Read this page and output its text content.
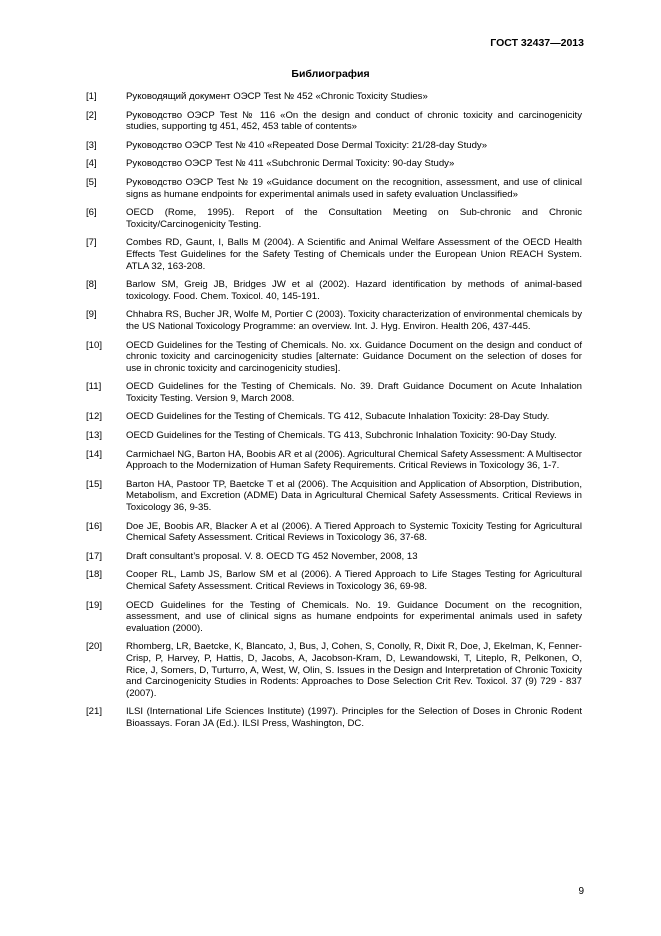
ГОСТ 32437—2013
Библиография
[1]	Руководящий документ ОЭСР Test № 452 «Chronic Toxicity Studies»
[2]	Руководство ОЭСР Test № 116 «On the design and conduct of chronic toxicity and carcinogenicity studies, supporting tg 451, 452, 453 table of contents»
[3]	Руководство ОЭСР Test № 410 «Repeated Dose Dermal Toxicity: 21/28-day Study»
[4]	Руководство ОЭСР Test № 411 «Subchronic Dermal Toxicity: 90-day Study»
[5]	Руководство ОЭСР Test № 19 «Guidance document on the recognition, assessment, and use of clinical signs as humane endpoints for experimental animals used in safety evaluation Unclassified»
[6]	OECD (Rome, 1995). Report of the Consultation Meeting on Sub-chronic and Chronic Toxicity/Carcinogenicity Testing.
[7]	Combes RD, Gaunt, I, Balls M (2004). A Scientific and Animal Welfare Assessment of the OECD Health Effects Test Guidelines for the Safety Testing of Chemicals under the European Union REACH System. ATLA 32, 163-208.
[8]	Barlow SM, Greig JB, Bridges JW et al (2002). Hazard identification by methods of animal-based toxicology. Food. Chem. Toxicol. 40, 145-191.
[9]	Chhabra RS, Bucher JR, Wolfe M, Portier C (2003). Toxicity characterization of environmental chemicals by the US National Toxicology Programme: an overview. Int. J. Hyg. Environ. Health 206, 437-445.
[10]	OECD Guidelines for the Testing of Chemicals. No. xx. Guidance Document on the design and conduct of chronic toxicity and carcinogenicity studies [alternate: Guidance Document on the selection of doses for use in chronic toxicity and carcinogenicity studies].
[11]	OECD Guidelines for the Testing of Chemicals. No. 39. Draft Guidance Document on Acute Inhalation Toxicity Testing. Version 9, March 2008.
[12]	OECD Guidelines for the Testing of Chemicals. TG 412, Subacute Inhalation Toxicity: 28-Day Study.
[13]	OECD Guidelines for the Testing of Chemicals. TG 413, Subchronic Inhalation Toxicity: 90-Day Study.
[14]	Carmichael NG, Barton HA, Boobis AR et al (2006). Agricultural Chemical Safety Assessment: A Multisector Approach to the Modernization of Human Safety Requirements. Critical Reviews in Toxicology 36, 1-7.
[15]	Barton HA, Pastoor TP, Baetcke T et al (2006). The Acquisition and Application of Absorption, Distribution, Metabolism, and Excretion (ADME) Data in Agricultural Chemical Safety Assessments. Critical Reviews in Toxicology 36, 9-35.
[16]	Doe JE, Boobis AR, Blacker A et al (2006). A Tiered Approach to Systemic Toxicity Testing for Agricultural Chemical Safety Assessment. Critical Reviews in Toxicology 36, 37-68.
[17]	Draft consultant’s proposal. V. 8. OECD TG 452 November, 2008, 13
[18]	Cooper RL, Lamb JS, Barlow SM et al (2006). A Tiered Approach to Life Stages Testing for Agricultural Chemical Safety Assessment. Critical Reviews in Toxicology 36, 69-98.
[19]	OECD Guidelines for the Testing of Chemicals. No. 19. Guidance Document on the recognition, assessment, and use of clinical signs as humane endpoints for experimental animals used in safety evaluation (2000).
[20]	Rhomberg, LR, Baetcke, K, Blancato, J, Bus, J, Cohen, S, Conolly, R, Dixit R, Doe, J, Ekelman, K, Fenner-Crisp, P, Harvey, P, Hattis, D, Jacobs, A, Jacobson-Kram, D, Lewandowski, T, Liteplo, R, Pelkonen, O, Rice, J, Somers, D, Turturro, A, West, W, Olin, S. Issues in the Design and Interpretation of Chronic Toxicity and Carcinogenicity Studies in Rodents: Approaches to Dose Selection Crit Rev. Toxicol. 37 (9) 729 - 837 (2007).
[21]	ILSI (International Life Sciences Institute) (1997). Principles for the Selection of Doses in Chronic Rodent Bioassays. Foran JA (Ed.). ILSI Press, Washington, DC.
9
